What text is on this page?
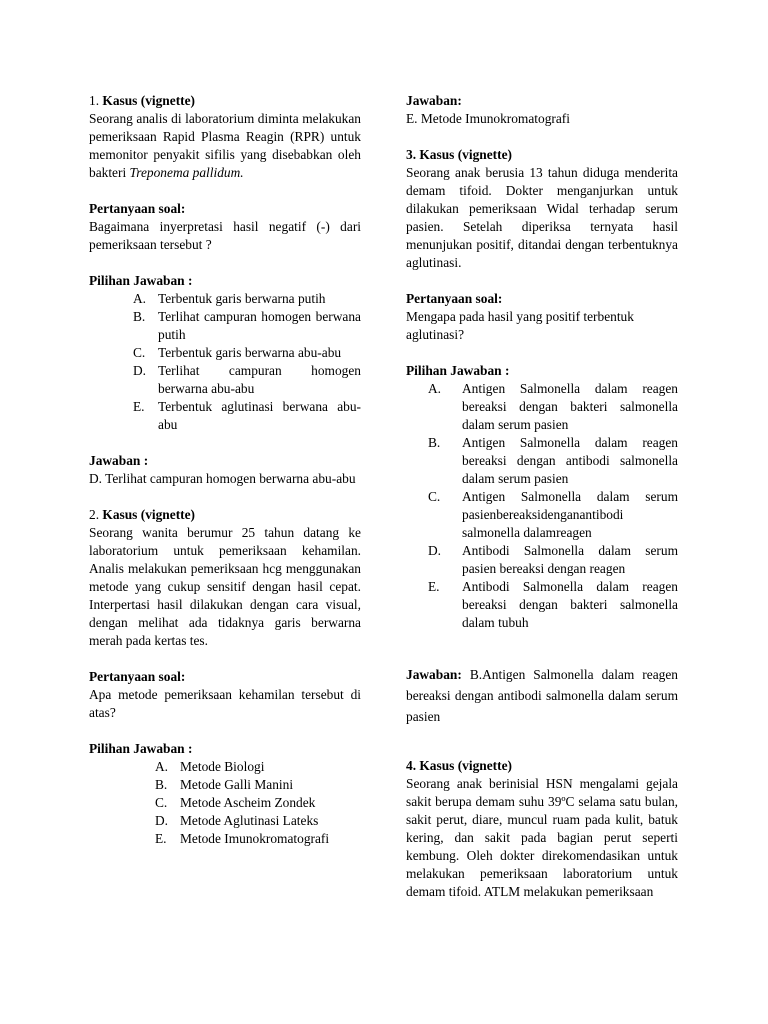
1. Kasus (vignette)

Seorang analis di laboratorium diminta melakukan pemeriksaan Rapid Plasma Reagin (RPR) untuk memonitor penyakit sifilis yang disebabkan oleh bakteri Treponema pallidum.

Pertanyaan soal:

Bagaimana inyerpretasi hasil negatif (-) dari pemeriksaan tersebut ?

Pilihan Jawaban :

A. Terbentuk garis berwarna putih
B. Terlihat campuran homogen berwana putih
C. Terbentuk garis berwarna abu-abu
D. Terlihat campuran homogen berwarna abu-abu
E.	Terbentuk aglutinasi berwana abu-abu

Jawaban :

D. Terlihat campuran homogen berwarna abu-abu

2. Kasus (vignette)

Seorang wanita berumur 25 tahun datang ke laboratorium untuk pemeriksaan kehamilan. Analis melakukan pemeriksaan hcg menggunakan metode yang cukup sensitif dengan hasil cepat. Interpertasi hasil dilakukan dengan cara visual, dengan melihat ada tidaknya garis berwarna merah pada kertas tes.

Pertanyaan soal:

Apa metode pemeriksaan kehamilan tersebut di atas?

Pilihan Jawaban :

A. Metode Biologi
B. Metode Galli Manini
C. Metode Ascheim Zondek
D. Metode Aglutinasi Lateks
E.	Metode Imunokromatografi

Jawaban:

E. Metode Imunokromatografi

3. Kasus (vignette)

Seorang anak berusia 13 tahun diduga menderita demam tifoid. Dokter menganjurkan untuk dilakukan pemeriksaan Widal terhadap serum pasien. Setelah diperiksa ternyata hasil menunjukan positif, ditandai dengan terbentuknya aglutinasi.

Pertanyaan soal:

Mengapa pada hasil yang positif terbentuk aglutinasi?

Pilihan Jawaban :

A.	Antigen Salmonella dalam reagen bereaksi dengan bakteri salmonella dalam serum pasien
B.	Antigen Salmonella dalam reagen bereaksi dengan antibodi salmonella dalam serum pasien
C.	Antigen Salmonella dalam serum pasienbereaksidenganantibodi salmonella dalamreagen
D.	Antibodi Salmonella dalam serum pasien bereaksi dengan reagen
E.	Antibodi Salmonella dalam reagen bereaksi dengan bakteri salmonella dalam tubuh

Jawaban: B.Antigen Salmonella dalam reagen bereaksi dengan antibodi salmonella dalam serum pasien

4. Kasus (vignette)

Seorang anak berinisial HSN mengalami gejala sakit berupa demam suhu 39ºC selama satu bulan, sakit perut, diare, muncul ruam pada kulit, batuk kering, dan sakit pada bagian perut seperti kembung. Oleh dokter direkomendasikan untuk melakukan pemeriksaan laboratorium untuk demam tifoid. ATLM melakukan pemeriksaan
